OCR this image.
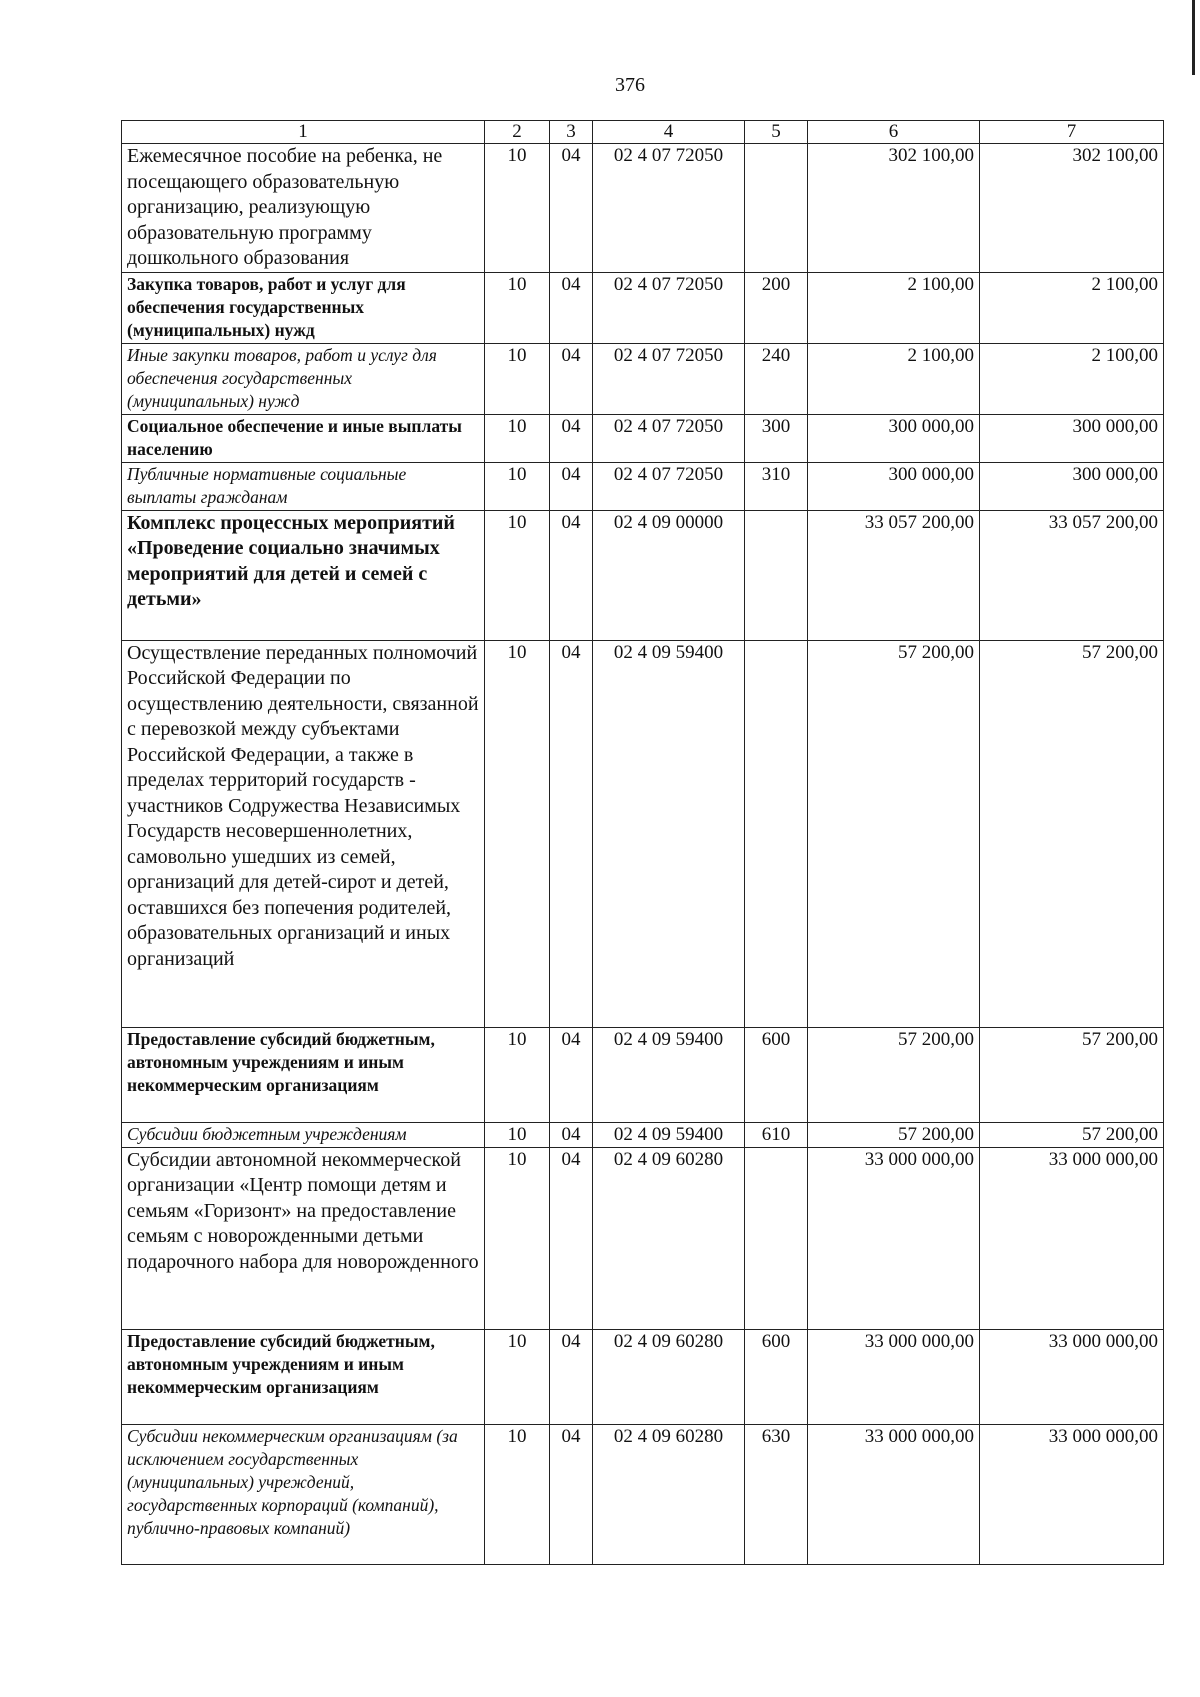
376
1	2	3	4	5	6	7
Ежемесячное пособие на ребенка, не посещающего образовательную организацию, реализующую образовательную программу дошкольного образования	10	04	02 4 07 72050		302 100,00	302 100,00
Закупка товаров, работ и услуг для обеспечения государственных (муниципальных) нужд	10	04	02 4 07 72050	200	2 100,00	2 100,00
Иные закупки товаров, работ и услуг для обеспечения государственных (муниципальных) нужд	10	04	02 4 07 72050	240	2 100,00	2 100,00
Социальное обеспечение и иные выплаты населению	10	04	02 4 07 72050	300	300 000,00	300 000,00
Публичные нормативные социальные выплаты гражданам	10	04	02 4 07 72050	310	300 000,00	300 000,00
Комплекс процессных мероприятий «Проведение социально значимых мероприятий для детей и семей с детьми»	10	04	02 4 09 00000		33 057 200,00	33 057 200,00
Осуществление переданных полномочий Российской Федерации по осуществлению деятельности, связанной с перевозкой между субъектами Российской Федерации, а также в пределах территорий государств - участников Содружества Независимых Государств несовершеннолетних, самовольно ушедших из семей, организаций для детей-сирот и детей, оставшихся без попечения родителей, образовательных организаций и иных организаций	10	04	02 4 09 59400		57 200,00	57 200,00
Предоставление субсидий бюджетным, автономным учреждениям и иным некоммерческим организациям	10	04	02 4 09 59400	600	57 200,00	57 200,00
Субсидии бюджетным учреждениям	10	04	02 4 09 59400	610	57 200,00	57 200,00
Субсидии автономной некоммерческой организации «Центр помощи детям и семьям «Горизонт» на предоставление семьям с новорожденными детьми подарочного набора для новорожденного	10	04	02 4 09 60280		33 000 000,00	33 000 000,00
Предоставление субсидий бюджетным, автономным учреждениям и иным некоммерческим организациям	10	04	02 4 09 60280	600	33 000 000,00	33 000 000,00
Субсидии некоммерческим организациям (за исключением государственных (муниципальных) учреждений, государственных корпораций (компаний), публично-правовых компаний)	10	04	02 4 09 60280	630	33 000 000,00	33 000 000,00
